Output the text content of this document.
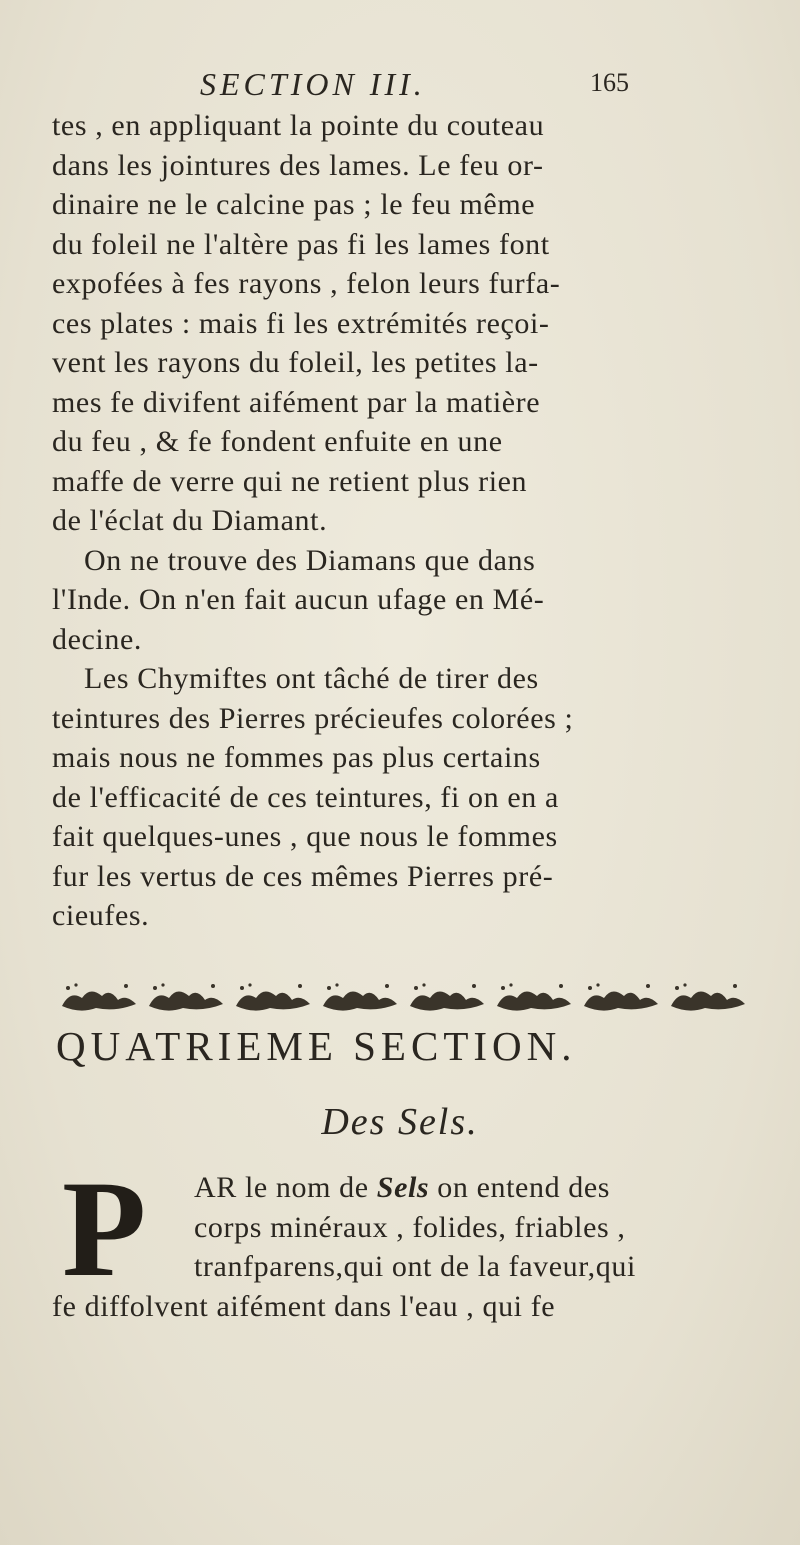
SECTION III.	165
tes , en appliquant la pointe du couteau
dans les jointures des lames. Le feu or-
dinaire ne le calcine pas ; le feu même
du foleil ne l'altère pas fi les lames font
expofées à fes rayons , felon leurs furfa-
ces plates : mais fi les extrémités reçoi-
vent les rayons du foleil, les petites la-
mes fe divifent aifément par la matière
du feu , & fe fondent enfuite en une
maffe de verre qui ne retient plus rien
de l'éclat du Diamant.
On ne trouve des Diamans que dans
l'Inde. On n'en fait aucun ufage en Mé-
decine.
Les Chymiftes ont tâché de tirer des
teintures des Pierres précieufes colorées ;
mais nous ne fommes pas plus certains
de l'efficacité de ces teintures, fi on en a
fait quelques-unes , que nous le fommes
fur les vertus de ces mêmes Pierres pré-
cieufes.
QUATRIEME SECTION.
Des Sels.
P	AR le nom de Sels on entend des
corps minéraux , folides, friables ,
tranfparens,qui ont de la faveur,qui
fe diffolvent aifément dans l'eau , qui fe
